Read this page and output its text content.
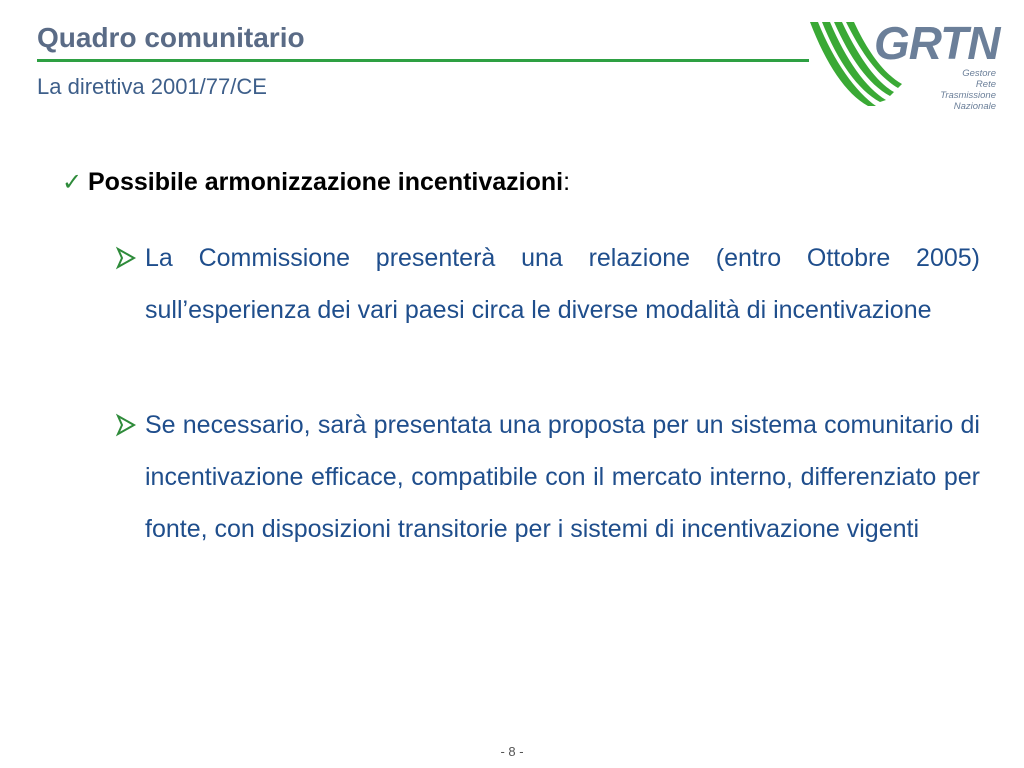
Quadro comunitario
La direttiva 2001/77/CE
GRTN
Gestore
Rete
Trasmissione
Nazionale
✓ Possibile armonizzazione incentivazioni:
La Commissione presenterà una relazione (entro Ottobre 2005) sull’esperienza dei vari paesi circa le diverse modalità di incentivazione
Se necessario, sarà presentata una proposta per un sistema comunitario di incentivazione efficace, compatibile con il mercato interno, differenziato per fonte, con disposizioni transitorie per i sistemi di incentivazione vigenti
- 8 -
